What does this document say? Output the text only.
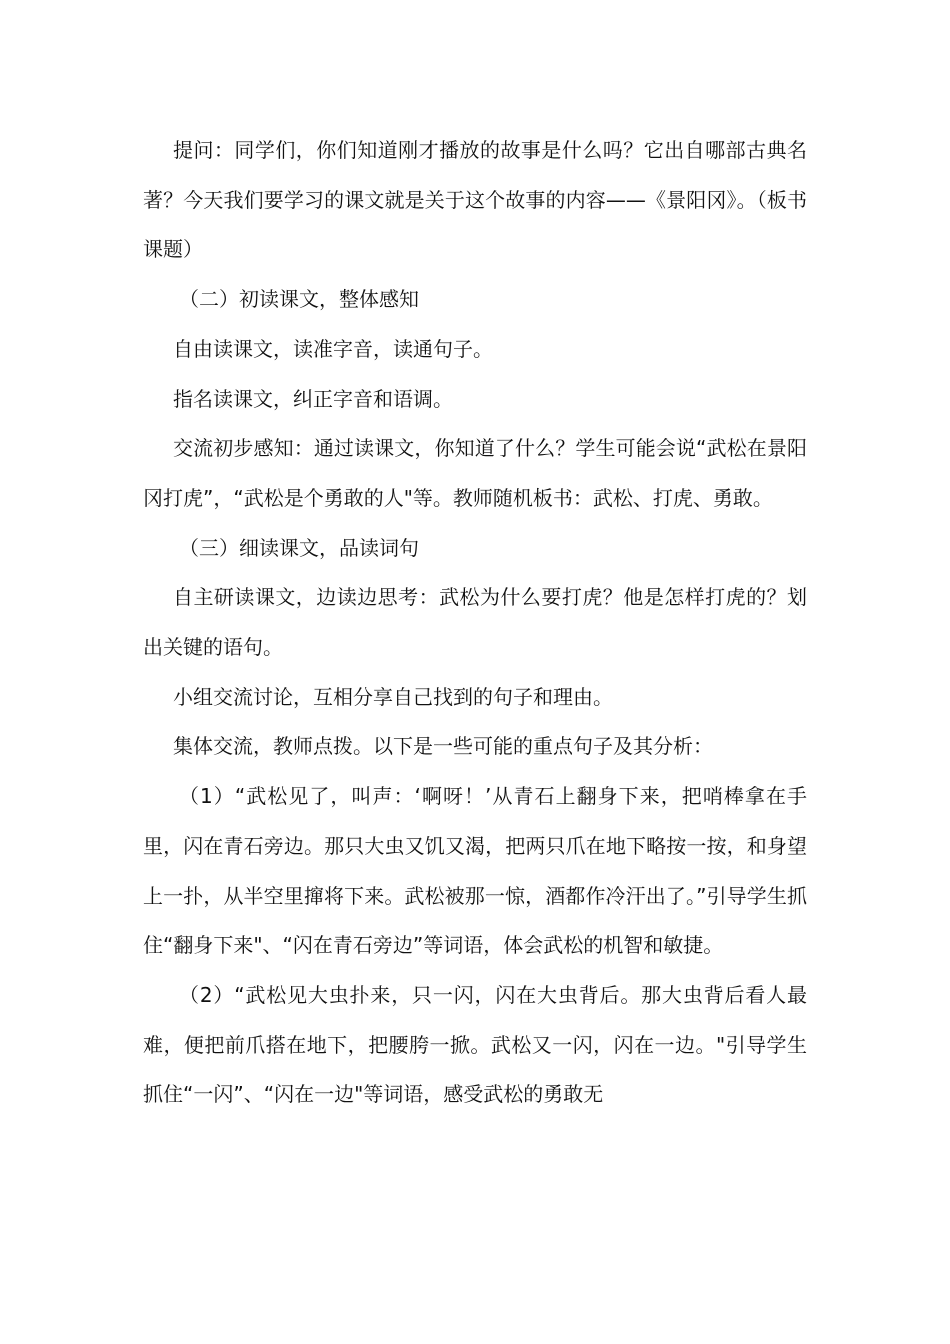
提问：同学们，你们知道刚才播放的故事是什么吗？它出自哪部古典名著？今天我们要学习的课文就是关于这个故事的内容——《景阳冈》。（板书课题）

（二）初读课文，整体感知

自由读课文，读准字音，读通句子。

指名读课文，纠正字音和语调。

交流初步感知：通过读课文，你知道了什么？学生可能会说“武松在景阳冈打虎”，“武松是个勇敢的人"等。教师随机板书：武松、打虎、勇敢。

（三）细读课文，品读词句

自主研读课文，边读边思考：武松为什么要打虎？他是怎样打虎的？划出关键的语句。

小组交流讨论，互相分享自己找到的句子和理由。

集体交流，教师点拨。以下是一些可能的重点句子及其分析：

（1）“武松见了，叫声：‘啊呀！’从青石上翻身下来，把哨棒拿在手里，闪在青石旁边。那只大虫又饥又渴，把两只爪在地下略按一按，和身望上一扑，从半空里撺将下来。武松被那一惊，酒都作冷汗出了。”引导学生抓住“翻身下来"、“闪在青石旁边”等词语，体会武松的机智和敏捷。

（2）“武松见大虫扑来，只一闪，闪在大虫背后。那大虫背后看人最难，便把前爪搭在地下，把腰胯一掀。武松又一闪，闪在一边。"引导学生抓住“一闪”、“闪在一边"等词语，感受武松的勇敢无
